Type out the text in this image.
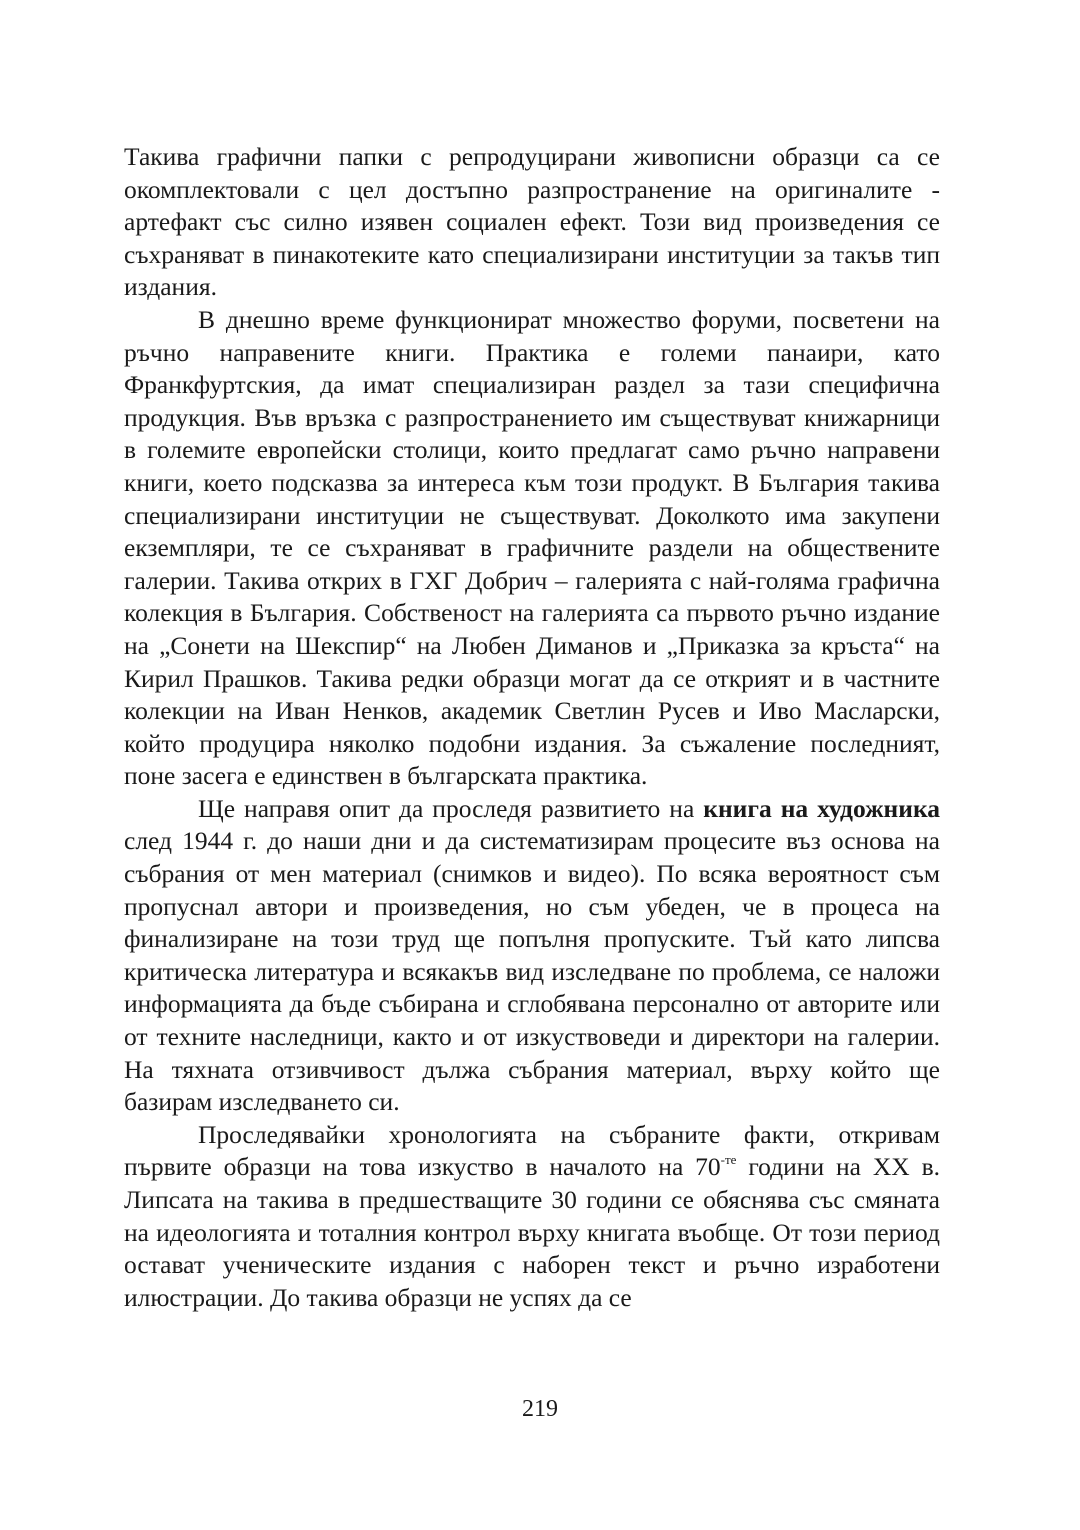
Такива графични папки с репродуцирани живописни образци са се окомплектовали с цел достъпно разпространение на оригиналите - артефакт със силно изявен социален ефект. Този вид произведения се съхраняват в пинакотеките като специализирани институции за такъв тип издания.

В днешно време функционират множество форуми, посветени на ръчно направените книги. Практика е големи панаири, като Франкфуртския, да имат специализиран раздел за тази специфична продукция. Във връзка с разпространението им съществуват книжарници в големите европейски столици, които предлагат само ръчно направени книги, което подсказва за интереса към този продукт. В България такива специализирани институции не съществуват. Доколкото има закупени екземпляри, те се съхраняват в графичните раздели на обществените галерии. Такива открих в ГХГ Добрич – галерията с най-голяма графична колекция в България. Собственост на галерията са първото ръчно издание на „Сонети на Шекспир“ на Любен Диманов и „Приказка за кръста“ на Кирил Прашков. Такива редки образци могат да се открият и в частните колекции на Иван Ненков, академик Светлин Русев и Иво Масларски, който продуцира няколко подобни издания. За съжаление последният, поне засега е единствен в българската практика.

Ще направя опит да проследя развитието на книга на художника след 1944 г. до наши дни и да систематизирам процесите въз основа на събрания от мен материал (снимков и видео). По всяка вероятност съм пропуснал автори и произведения, но съм убеден, че в процеса на финализиране на този труд ще попълня пропуските. Тъй като липсва критическа литература и всякакъв вид изследване по проблема, се наложи информацията да бъде събирана и сглобявана персонално от авторите или от техните наследници, както и от изкуствоведи и директори на галерии. На тяхната отзивчивост дължа събрания материал, върху който ще базирам изследването си.

Проследявайки хронологията на събраните факти, откривам първите образци на това изкуство в началото на $70^{-те}$ години на XX в. Липсата на такива в предшестващите 30 години се обяснява със смяната на идеологията и тоталния контрол върху книгата въобще. От този период остават ученическите издания с наборен текст и ръчно изработени илюстрации. До такива образци не успях да се

219
